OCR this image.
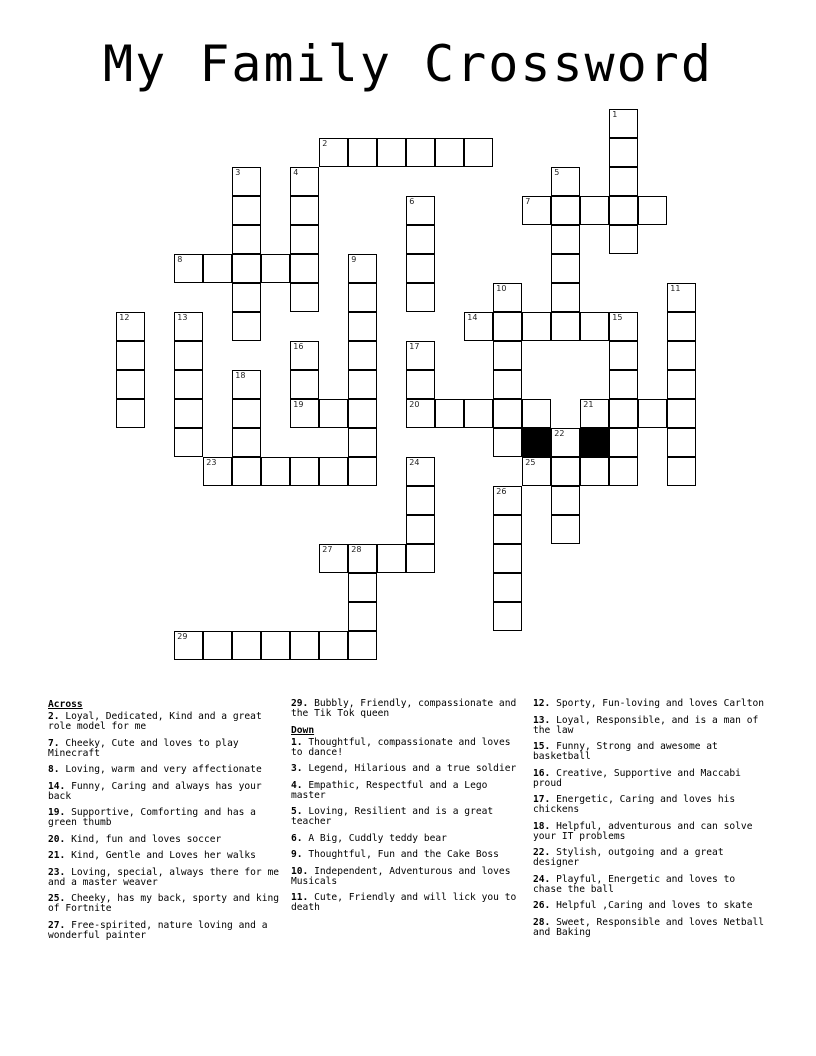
My Family Crossword
1
2
3	4	5
6	7
8	9
10	11
12	13	14	15
16
19
17
20
18
21
22
23	24	25
26
27 28
29
Across
2. Loyal, Dedicated, Kind and a great role model for me
7. Cheeky, Cute and loves to play Minecraft
8. Loving, warm and very affectionate
14. Funny, Caring and always has your back
19. Supportive, Comforting and has a green thumb
20. Kind, fun and loves soccer
21. Kind, Gentle and Loves her walks
23. Loving, special, always there for me and a master weaver
25. Cheeky, has my back, sporty and king of Fortnite
27. Free-spirited, nature loving and a wonderful painter
29. Bubbly, Friendly, compassionate and the Tik Tok queen
Down
1. Thoughtful, compassionate and loves to dance!
3. Legend, Hilarious and a true soldier
4. Empathic, Respectful and a Lego master
5. Loving, Resilient and is a great teacher
6. A Big, Cuddly teddy bear
9. Thoughtful, Fun and the Cake Boss
10. Independent, Adventurous and loves Musicals
11. Cute, Friendly and will lick you to death
12. Sporty, Fun-loving and loves Carlton
13. Loyal, Responsible, and is a man of the law
15. Funny, Strong and awesome at basketball
16. Creative, Supportive and Maccabi proud
17. Energetic, Caring and loves his chickens
18. Helpful, adventurous and can solve your IT problems
22. Stylish, outgoing and a great designer
24. Playful, Energetic and loves to chase the ball
26. Helpful ,Caring and loves to skate
28. Sweet, Responsible and loves Netball and Baking
